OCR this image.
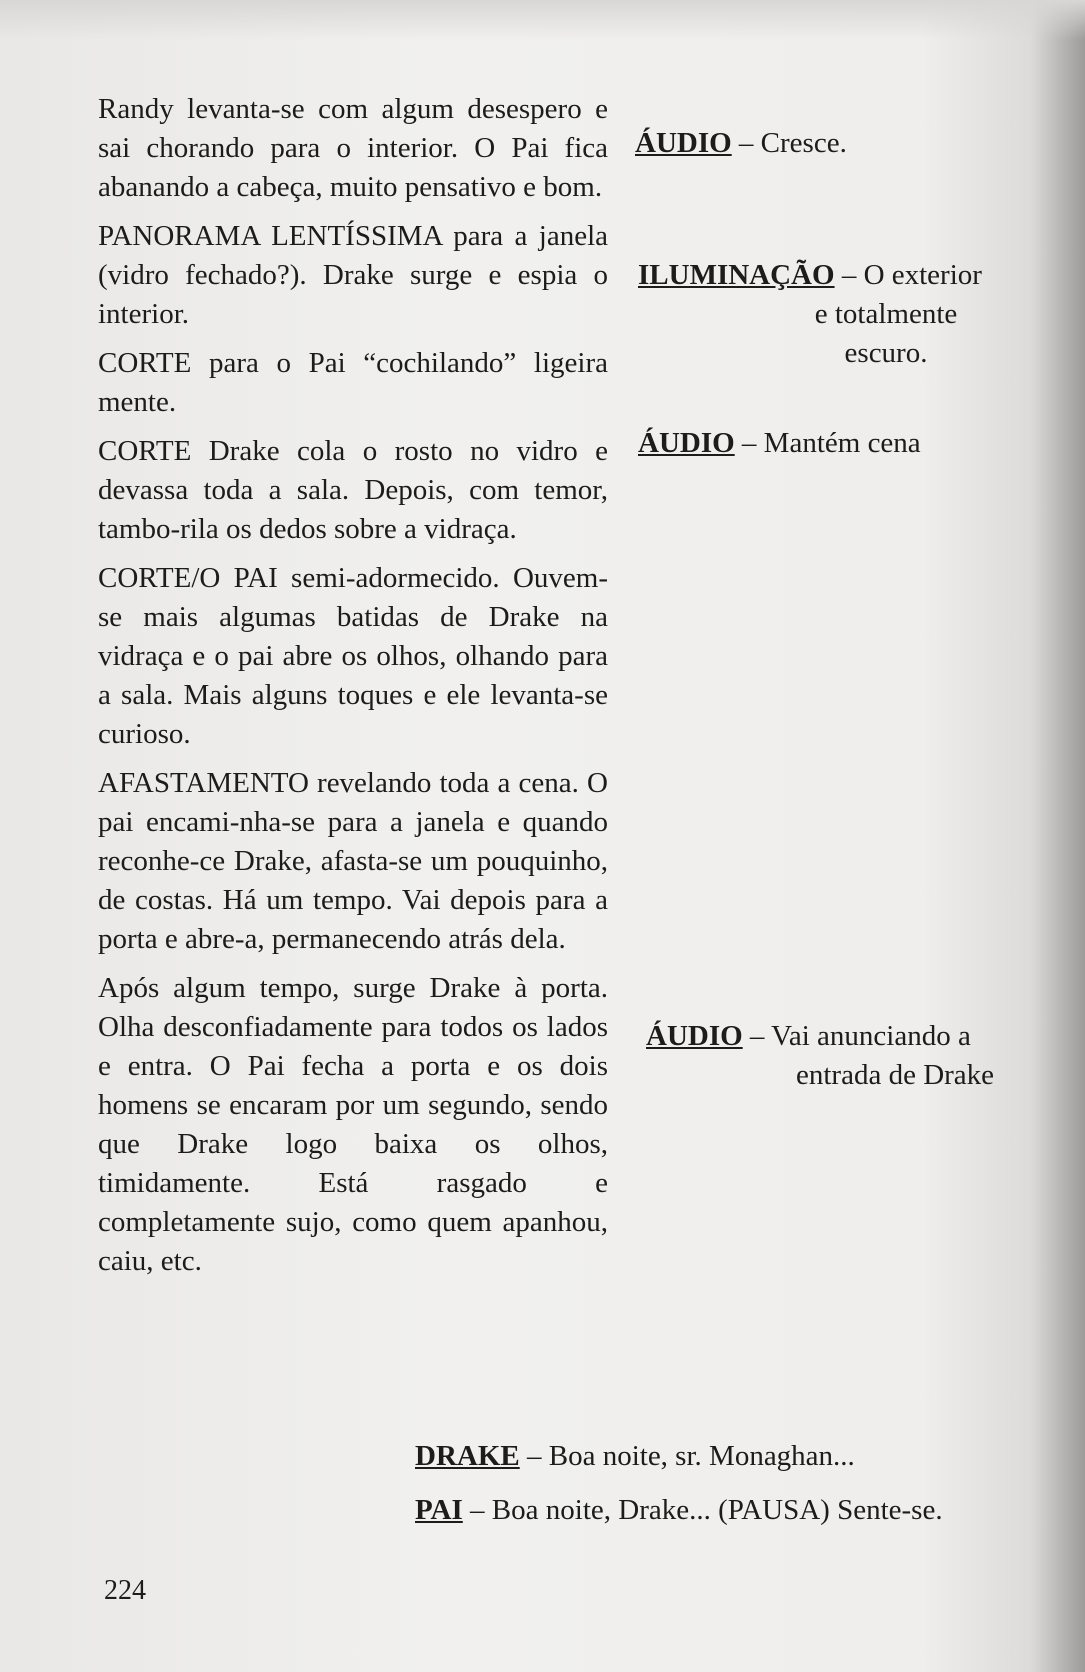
Randy levanta-se com algum desespero e sai chorando para o interior. O Pai fica abanando a cabeça, muito pensativo e bom.

PANORAMA LENTÍSSIMA para a janela (vidro fechado?). Drake surge e espia o interior.

CORTE para o Pai “cochilando” ligeira mente.

CORTE Drake cola o rosto no vidro e devassa toda a sala. Depois, com temor, tambo-rila os dedos sobre a vidraça.

CORTE/O PAI semi-adormecido. Ouvem-se mais algumas batidas de Drake na vidraça e o pai abre os olhos, olhando para a sala. Mais alguns toques e ele levanta-se curioso.

AFASTAMENTO revelando toda a cena. O pai encami-nha-se para a janela e quando reconhe-ce Drake, afasta-se um pouquinho, de costas. Há um tempo. Vai depois para a porta e abre-a, permanecendo atrás dela.

Após algum tempo, surge Drake à porta. Olha desconfiadamente para todos os lados e entra. O Pai fecha a porta e os dois homens se encaram por um segundo, sendo que Drake logo baixa os olhos, timidamente. Está rasgado e completamente sujo, como quem apanhou, caiu, etc.

ÁUDIO – Cresce.
ILUMINAÇÃO – O exterior
e totalmente escuro.
ÁUDIO – Mantém cena
ÁUDIO – Vai anunciando a
entrada de Drake
DRAKE – Boa noite, sr. Monaghan...
PAI – Boa noite, Drake... (PAUSA) Sente-se.
224
